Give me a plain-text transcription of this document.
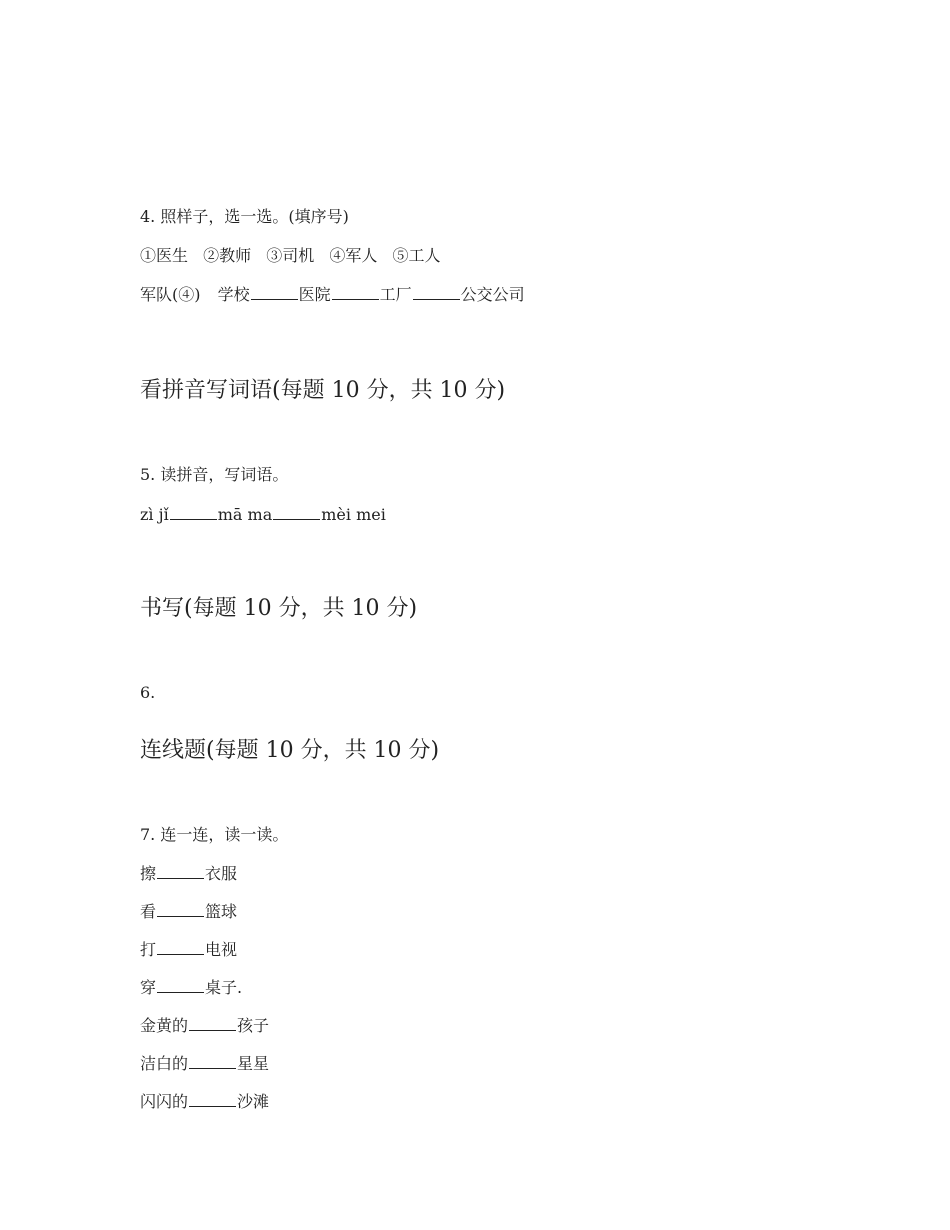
4. 照样子，选一选。(填序号)
①医生 ②教师 ③司机 ④军人 ⑤工人
军队(④) 学校	医院	工厂	公交公司
看拼音写词语(每题 10 分，共 10 分)
5. 读拼音，写词语。
zì jǐ	mā ma	mèi mei
书写(每题 10 分，共 10 分)
6.
连线题(每题 10 分，共 10 分)
7. 连一连，读一读。
擦	衣服
看	篮球
打	电视
穿	桌子.
金黄的	孩子
洁白的	星星
闪闪的	沙滩
